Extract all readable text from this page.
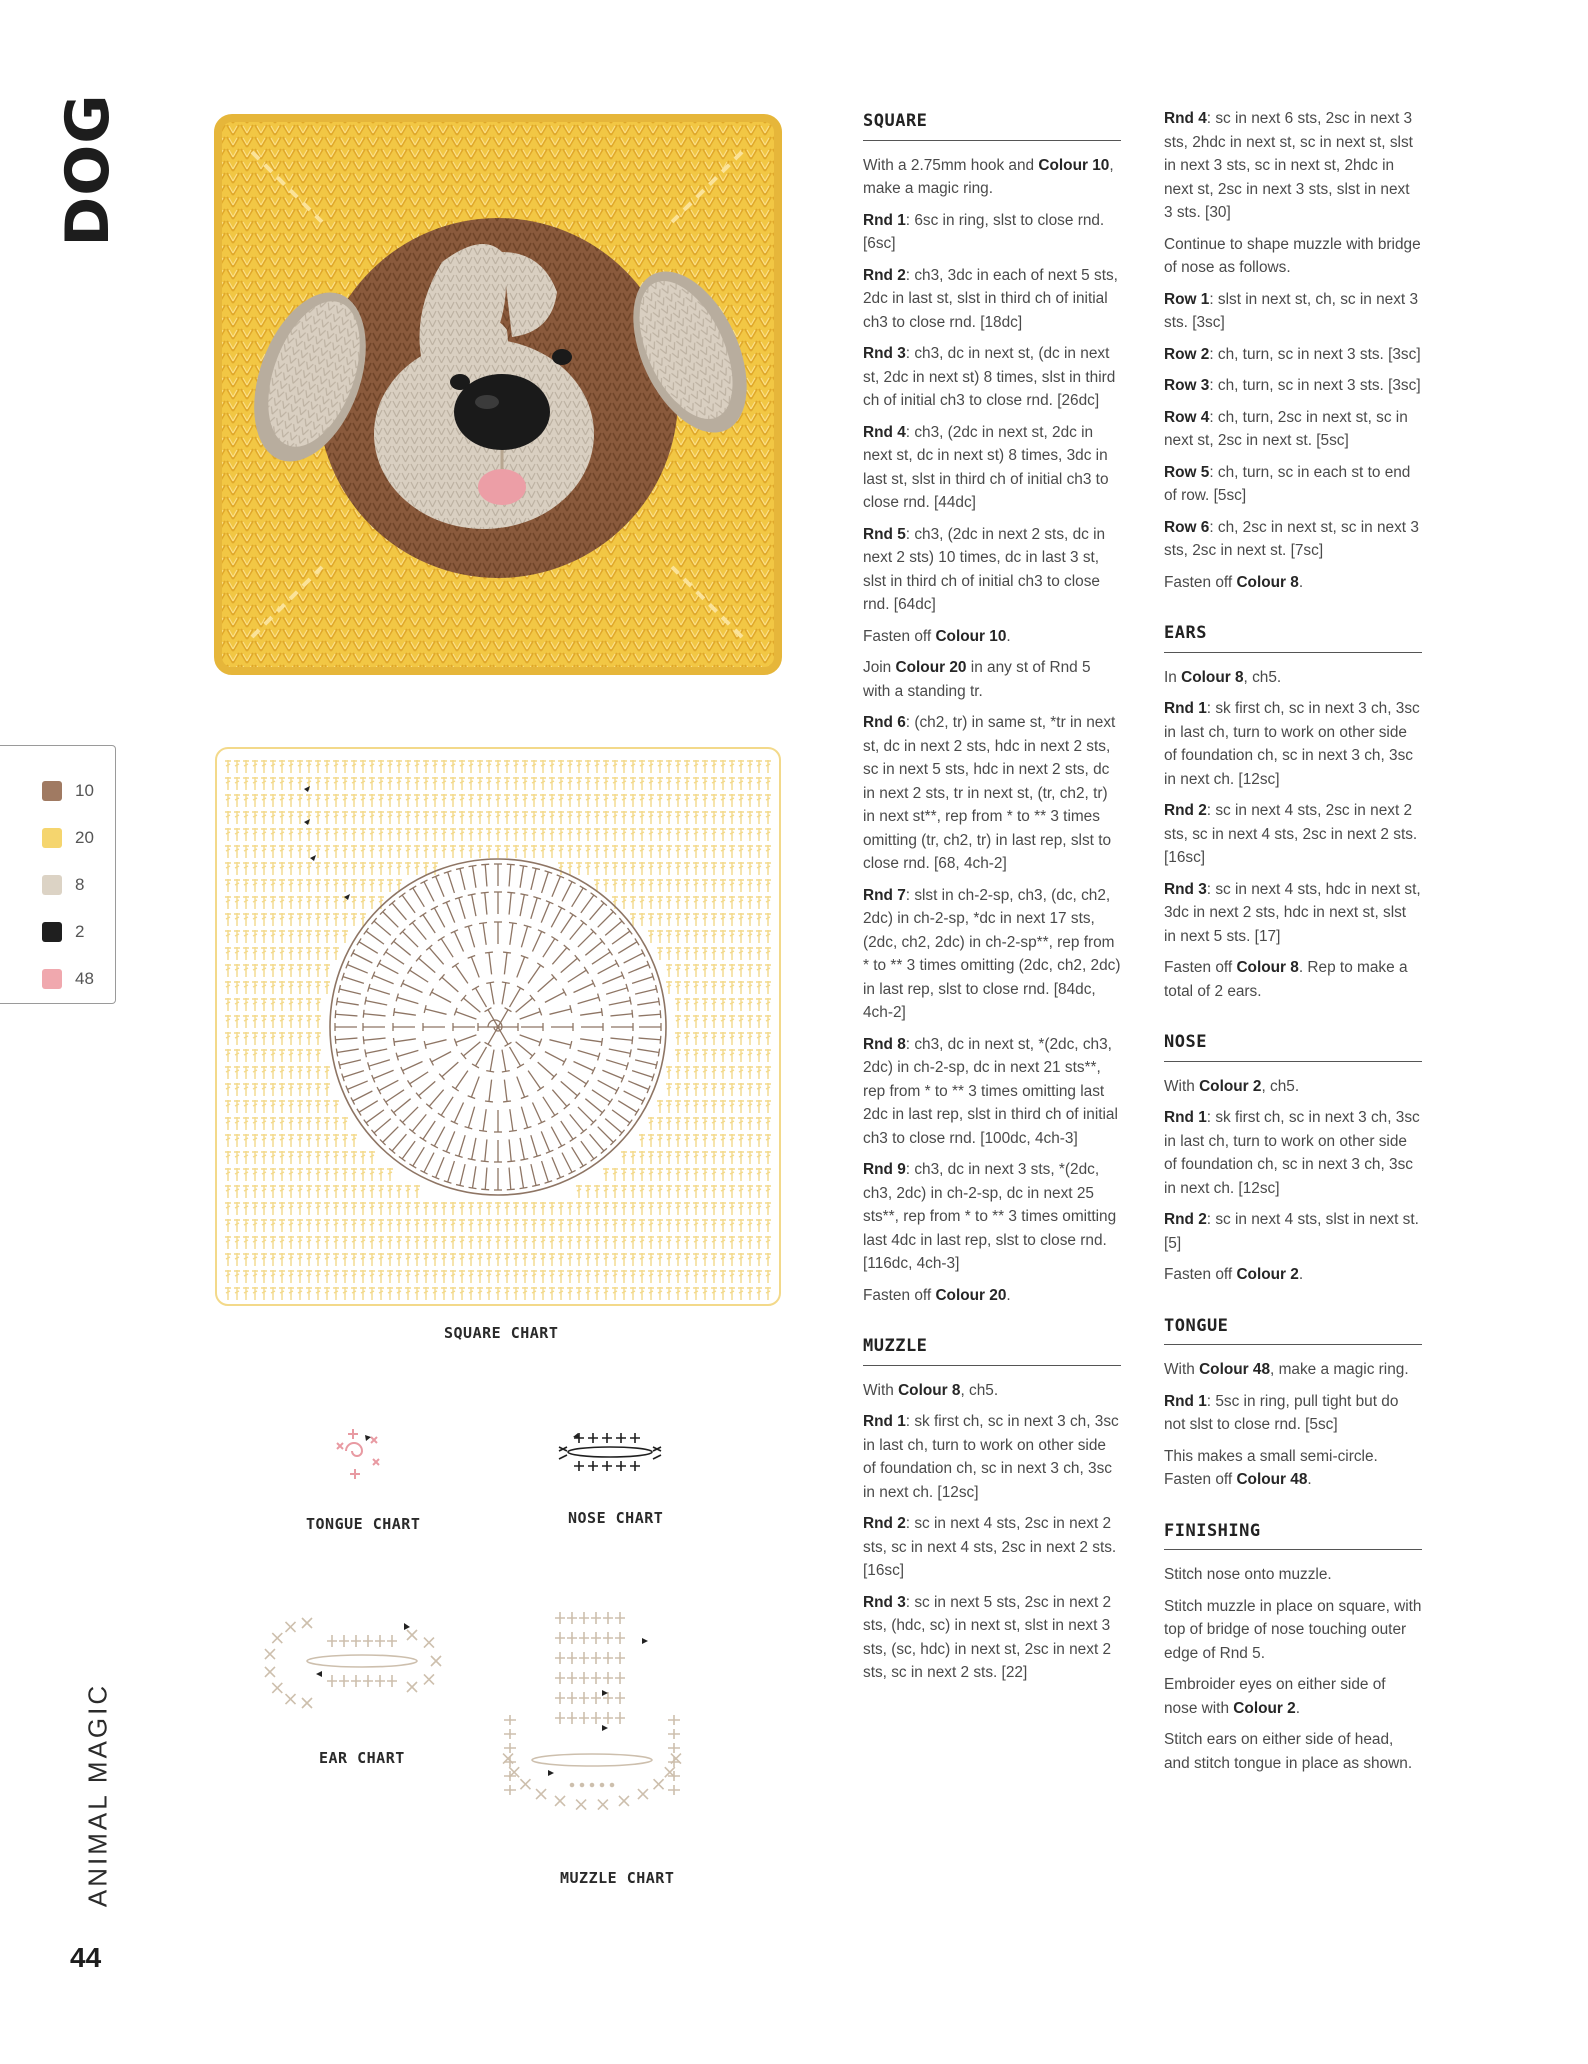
DOG
ANIMAL MAGIC
44
10
20
8
2
48
SQUARE CHART
TONGUE CHART	NOSE CHART
EAR CHART
MUZZLE CHART
SQUARE

With a 2.75mm hook and Colour 10, make a magic ring.

Rnd 1: 6sc in ring, slst to close rnd. [6sc]

Rnd 2: ch3, 3dc in each of next 5 sts, 2dc in last st, slst in third ch of initial ch3 to close rnd. [18dc]

Rnd 3: ch3, dc in next st, (dc in next st, 2dc in next st) 8 times, slst in third ch of initial ch3 to close rnd. [26dc]

Rnd 4: ch3, (2dc in next st, 2dc in next st, dc in next st) 8 times, 3dc in last st, slst in third ch of initial ch3 to close rnd. [44dc]

Rnd 5: ch3, (2dc in next 2 sts, dc in next 2 sts) 10 times, dc in last 3 st, slst in third ch of initial ch3 to close rnd. [64dc]

Fasten off Colour 10.

Join Colour 20 in any st of Rnd 5 with a standing tr.

Rnd 6: (ch2, tr) in same st, *tr in next st, dc in next 2 sts, hdc in next 2 sts, sc in next 5 sts, hdc in next 2 sts, dc in next 2 sts, tr in next st, (tr, ch2, tr) in next st**, rep from * to ** 3 times omitting (tr, ch2, tr) in last rep, slst to close rnd. [68, 4ch-2]

Rnd 7: slst in ch-2-sp, ch3, (dc, ch2, 2dc) in ch-2-sp, *dc in next 17 sts, (2dc, ch2, 2dc) in ch-2-sp**, rep from * to ** 3 times omitting (2dc, ch2, 2dc) in last rep, slst to close rnd. [84dc, 4ch-2]

Rnd 8: ch3, dc in next st, *(2dc, ch3, 2dc) in ch-2-sp, dc in next 21 sts**, rep from * to ** 3 times omitting last 2dc in last rep, slst in third ch of initial ch3 to close rnd. [100dc, 4ch-3]

Rnd 9: ch3, dc in next 3 sts, *(2dc, ch3, 2dc) in ch-2-sp, dc in next 25 sts**, rep from * to ** 3 times omitting last 4dc in last rep, slst to close rnd. [116dc, 4ch-3]

Fasten off Colour 20.

MUZZLE

With Colour 8, ch5.

Rnd 1: sk first ch, sc in next 3 ch, 3sc in last ch, turn to work on other side of foundation ch, sc in next 3 ch, 3sc in next ch. [12sc]

Rnd 2: sc in next 4 sts, 2sc in next 2 sts, sc in next 4 sts, 2sc in next 2 sts. [16sc]

Rnd 3: sc in next 5 sts, 2sc in next 2 sts, (hdc, sc) in next st, slst in next 3 sts, (sc, hdc) in next st, 2sc in next 2 sts, sc in next 2 sts. [22]

Rnd 4: sc in next 6 sts, 2sc in next 3 sts, 2hdc in next st, sc in next st, slst in next 3 sts, sc in next st, 2hdc in next st, 2sc in next 3 sts, slst in next 3 sts. [30]

Continue to shape muzzle with bridge of nose as follows.

Row 1: slst in next st, ch, sc in next 3 sts. [3sc]

Row 2: ch, turn, sc in next 3 sts. [3sc]

Row 3: ch, turn, sc in next 3 sts. [3sc]

Row 4: ch, turn, 2sc in next st, sc in next st, 2sc in next st. [5sc]

Row 5: ch, turn, sc in each st to end of row. [5sc]

Row 6: ch, 2sc in next st, sc in next 3 sts, 2sc in next st. [7sc]

Fasten off Colour 8.

EARS

In Colour 8, ch5.

Rnd 1: sk first ch, sc in next 3 ch, 3sc in last ch, turn to work on other side of foundation ch, sc in next 3 ch, 3sc in next ch. [12sc]

Rnd 2: sc in next 4 sts, 2sc in next 2 sts, sc in next 4 sts, 2sc in next 2 sts. [16sc]

Rnd 3: sc in next 4 sts, hdc in next st, 3dc in next 2 sts, hdc in next st, slst in next 5 sts. [17]

Fasten off Colour 8. Rep to make a total of 2 ears.

NOSE

With Colour 2, ch5.

Rnd 1: sk first ch, sc in next 3 ch, 3sc in last ch, turn to work on other side of foundation ch, sc in next 3 ch, 3sc in next ch. [12sc]

Rnd 2: sc in next 4 sts, slst in next st. [5]

Fasten off Colour 2.

TONGUE

With Colour 48, make a magic ring.

Rnd 1: 5sc in ring, pull tight but do not slst to close rnd. [5sc]

This makes a small semi-circle. Fasten off Colour 48.

FINISHING

Stitch nose onto muzzle.

Stitch muzzle in place on square, with top of bridge of nose touching outer edge of Rnd 5.

Embroider eyes on either side of nose with Colour 2.

Stitch ears on either side of head, and stitch tongue in place as shown.
